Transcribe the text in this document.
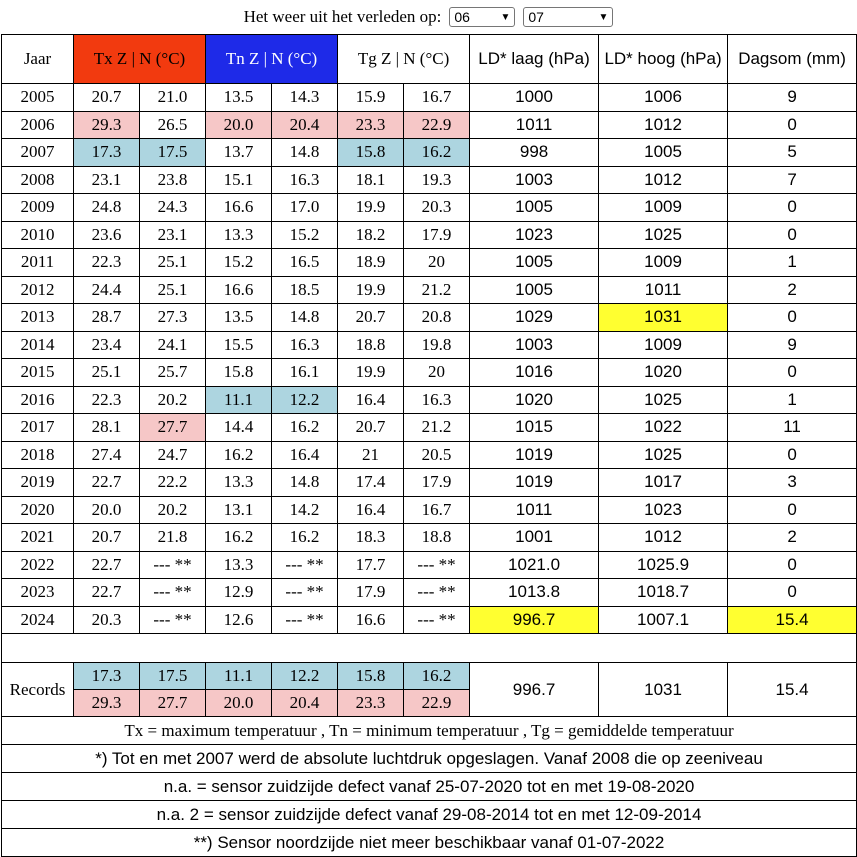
Het weer uit het verleden op: 06	▼ 07	▼
Jaar	Tx Z | N (°C)		Tn Z | N (°C)		Tg Z | N (°C)		LD* laag (hPa)	LD* hoog (hPa)	Dagsom (mm)
2005	20.7	21.0	13.5	14.3	15.9	16.7	1000	1006	9
2006	29.3	26.5	20.0	20.4	23.3	22.9	1011	1012	0
2007	17.3	17.5	13.7	14.8	15.8	16.2	998	1005	5
2008	23.1	23.8	15.1	16.3	18.1	19.3	1003	1012	7
2009	24.8	24.3	16.6	17.0	19.9	20.3	1005	1009	0
2010	23.6	23.1	13.3	15.2	18.2	17.9	1023	1025	0
2011	22.3	25.1	15.2	16.5	18.9	20	1005	1009	1
2012	24.4	25.1	16.6	18.5	19.9	21.2	1005	1011	2
2013	28.7	27.3	13.5	14.8	20.7	20.8	1029	1031	0
2014	23.4	24.1	15.5	16.3	18.8	19.8	1003	1009	9
2015	25.1	25.7	15.8	16.1	19.9	20	1016	1020	0
2016	22.3	20.2	11.1	12.2	16.4	16.3	1020	1025	1
2017	28.1	27.7	14.4	16.2	20.7	21.2	1015	1022	11
2018	27.4	24.7	16.2	16.4	21	20.5	1019	1025	0
2019	22.7	22.2	13.3	14.8	17.4	17.9	1019	1017	3
2020	20.0	20.2	13.1	14.2	16.4	16.7	1011	1023	0
2021	20.7	21.8	16.2	16.2	18.3	18.8	1001	1012	2
2022	22.7	--- **	13.3	--- **	17.7	--- **	1021.0	1025.9	0
2023	22.7	--- **	12.9	--- **	17.9	--- **	1013.8	1018.7	0
2024	20.3	--- **	12.6	--- **	16.6	--- **	996.7	1007.1	15.4

Records	17.3	17.5	11.1	12.2	15.8	16.2	996.7	1031	15.4
	29.3	27.7	20.0	20.4	23.3	22.9			
Tx = maximum temperatuur , Tn = minimum temperatuur , Tg = gemiddelde temperatuur									
*) Tot en met 2007 werd de absolute luchtdruk opgeslagen. Vanaf 2008 die op zeeniveau									
n.a. = sensor zuidzijde defect vanaf 25-07-2020 tot en met 19-08-2020									
n.a. 2 = sensor zuidzijde defect vanaf 29-08-2014 tot en met 12-09-2014									
**) Sensor noordzijde niet meer beschikbaar vanaf 01-07-2022									
